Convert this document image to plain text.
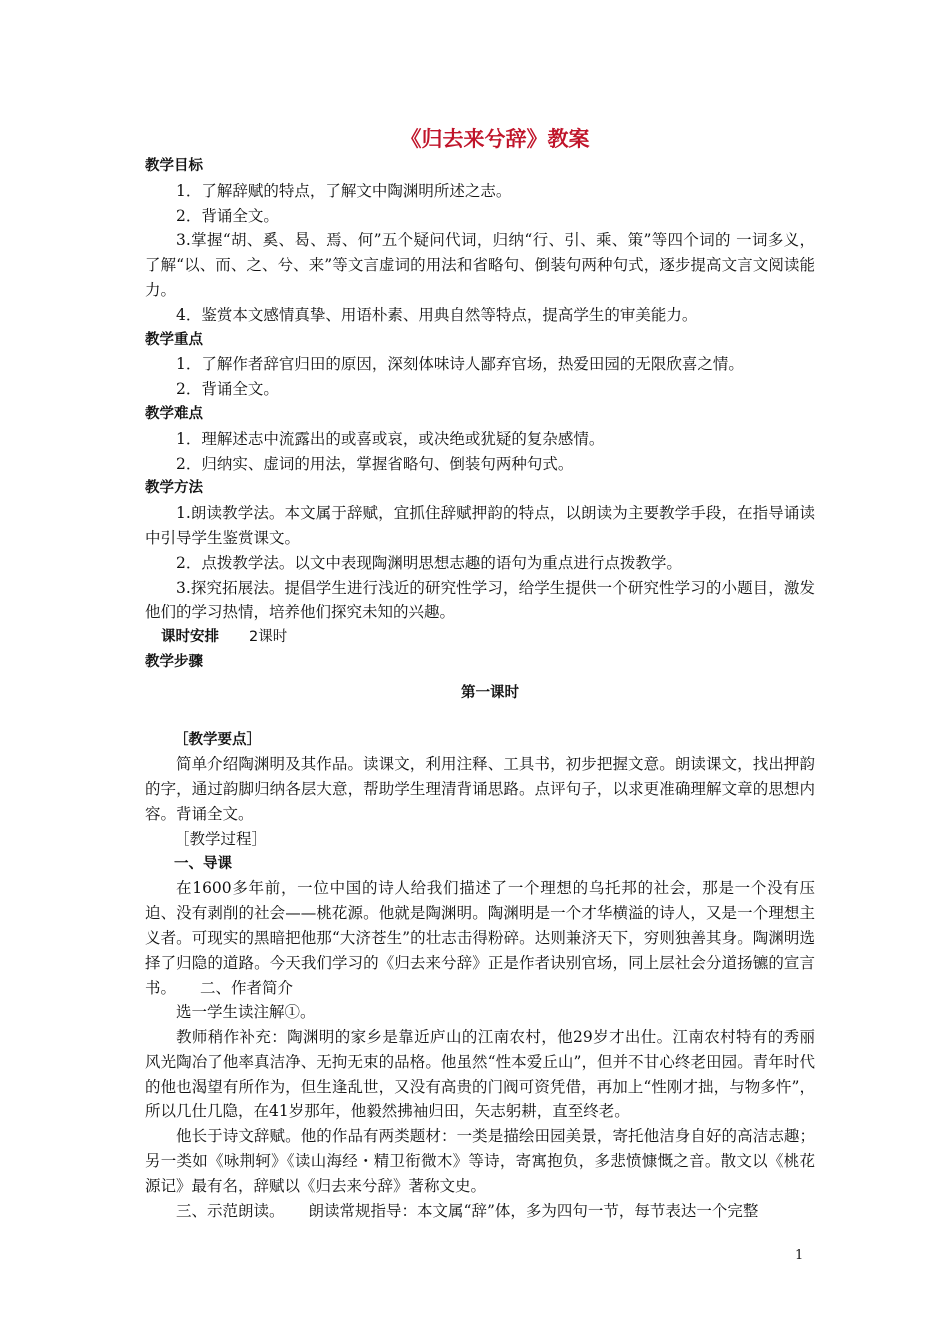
《归去来兮辞》教案

教学目标

1．了解辞赋的特点，了解文中陶渊明所述之志。

2．背诵全文。

3.掌握“胡、奚、曷、焉、何”五个疑问代词，归纳“行、引、乘、策”等四个词的 一词多义，了解“以、而、之、兮、来”等文言虚词的用法和省略句、倒装句两种句式，逐步提高文言文阅读能力。

4．鉴赏本文感情真挚、用语朴素、用典自然等特点，提高学生的审美能力。

教学重点

1．了解作者辞官归田的原因，深刻体味诗人鄙弃官场，热爱田园的无限欣喜之情。

2．背诵全文。

教学难点

1．理解述志中流露出的或喜或哀，或决绝或犹疑的复杂感情。

2．归纳实、虚词的用法，掌握省略句、倒装句两种句式。

教学方法

1.朗读教学法。本文属于辞赋，宜抓住辞赋押韵的特点，以朗读为主要教学手段，在指导诵读中引导学生鉴赏课文。

2．点拨教学法。以文中表现陶渊明思想志趣的语句为重点进行点拨教学。

3.探究拓展法。提倡学生进行浅近的研究性学习，给学生提供一个研究性学习的小题目，激发他们的学习热情，培养他们探究未知的兴趣。

课时安排 2课时

教学步骤

第一课时

［教学要点］

简单介绍陶渊明及其作品。读课文，利用注释、工具书，初步把握文意。朗读课文，找出押韵的字，通过韵脚归纳各层大意，帮助学生理清背诵思路。点评句子，以求更准确理解文章的思想内容。背诵全文。

［教学过程］

一、导课

在1600多年前，一位中国的诗人给我们描述了一个理想的乌托邦的社会，那是一个没有压迫、没有剥削的社会——桃花源。他就是陶渊明。陶渊明是一个才华横溢的诗人，又是一个理想主义者。可现实的黑暗把他那“大济苍生”的壮志击得粉碎。达则兼济天下，穷则独善其身。陶渊明选择了归隐的道路。今天我们学习的《归去来兮辞》正是作者诀别官场，同上层社会分道扬镳的宣言书。 二、作者简介

选一学生读注解①。

教师稍作补充：陶渊明的家乡是靠近庐山的江南农村，他29岁才出仕。江南农村特有的秀丽风光陶冶了他率真洁净、无拘无束的品格。他虽然“性本爱丘山”，但并不甘心终老田园。青年时代的他也渴望有所作为，但生逢乱世，又没有高贵的门阀可资凭借，再加上“性刚才拙，与物多忤”，所以几仕几隐，在41岁那年，他毅然拂袖归田，矢志躬耕，直至终老。

他长于诗文辞赋。他的作品有两类题材：一类是描绘田园美景，寄托他洁身自好的高洁志趣；另一类如《咏荆轲》《读山海经・精卫衔微木》等诗，寄寓抱负，多悲愤慷慨之音。散文以《桃花源记》最有名，辞赋以《归去来兮辞》著称文史。

三、示范朗读。 朗读常规指导：本文属“辞”体，多为四句一节，每节表达一个完整

1
